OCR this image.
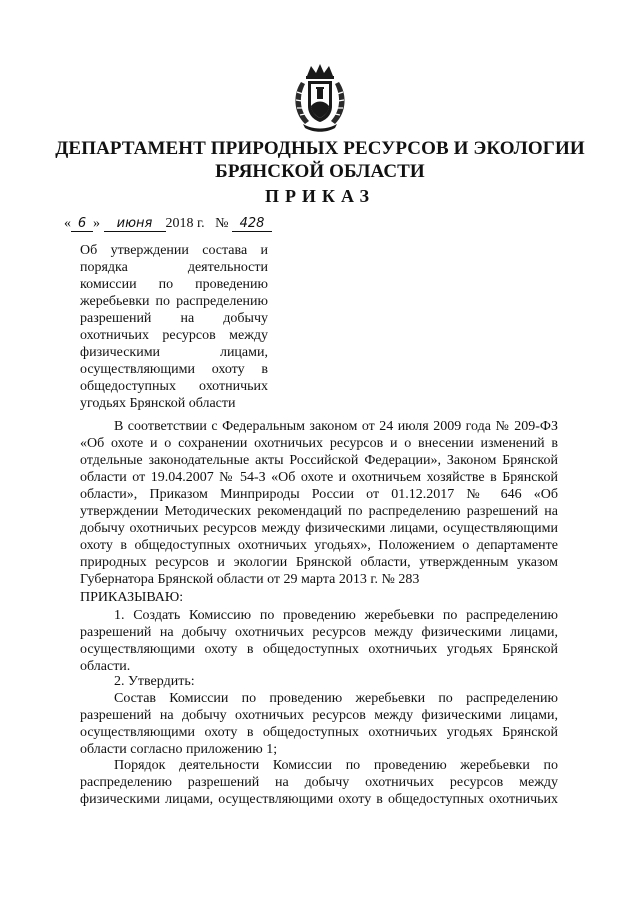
ДЕПАРТАМЕНТ ПРИРОДНЫХ РЕСУРСОВ И ЭКОЛОГИИ
БРЯНСКОЙ ОБЛАСТИ
ПРИКАЗ
« 6 » июня 2018 г. № 428
Об утверждении состава и
порядка деятельности
комиссии по проведению
жеребьевки по распределению
разрешений на добычу
охотничьих ресурсов между
физическими лицами,
осуществляющими охоту в
общедоступных охотничьих
угодьях Брянской области
В соответствии с Федеральным законом от 24 июля 2009 года № 209-ФЗ
«Об охоте и о сохранении охотничьих ресурсов и о внесении изменений в
отдельные законодательные акты Российской Федерации», Законом Брянской
области от 19.04.2007 № 54-З «Об охоте и охотничьем хозяйстве в Брянской
области», Приказом Минприроды России от 01.12.2017 № 646 «Об
утверждении Методических рекомендаций по распределению разрешений на
добычу охотничьих ресурсов между физическими лицами, осуществляющими
охоту в общедоступных охотничьих угодьях», Положением о департаменте
природных ресурсов и экологии Брянской области, утвержденным указом
Губернатора Брянской области от 29 марта 2013 г. № 283
ПРИКАЗЫВАЮ:
1. Создать Комиссию по проведению жеребьевки по распределению
разрешений на добычу охотничьих ресурсов между физическими лицами,
осуществляющими охоту в общедоступных охотничьих угодьях Брянской
области.
2. Утвердить:
Состав Комиссии по проведению жеребьевки по распределению
разрешений на добычу охотничьих ресурсов между физическими лицами,
осуществляющими охоту в общедоступных охотничьих угодьях Брянской
области согласно приложению 1;
Порядок деятельности Комиссии по проведению жеребьевки по
распределению разрешений на добычу охотничьих ресурсов между
физическими лицами, осуществляющими охоту в общедоступных охотничьих
